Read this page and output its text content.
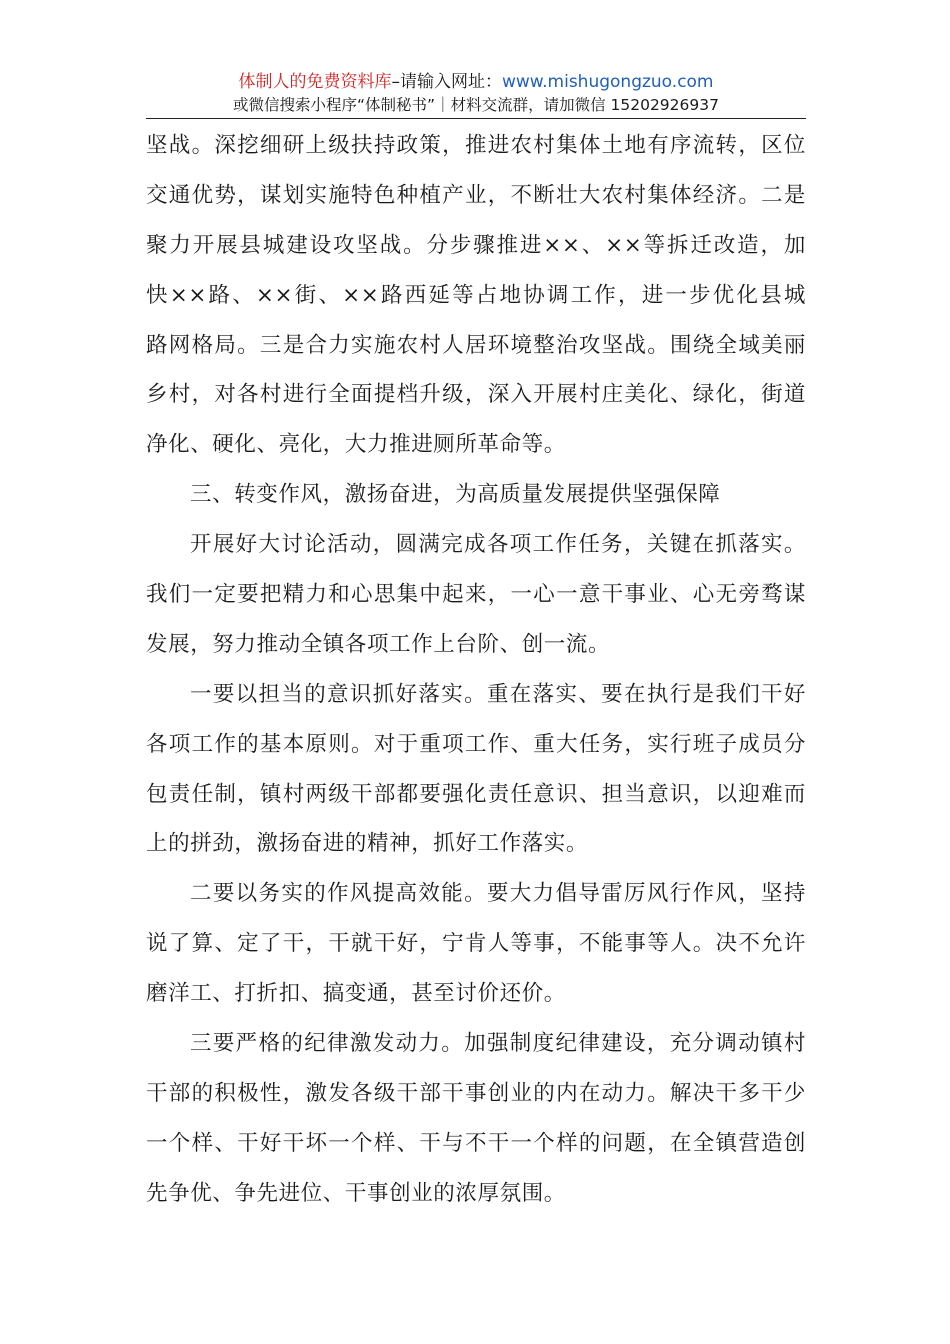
体制人的免费资料库–请输入网址：www.mishugongzuo.com
或微信搜索小程序“体制秘书”｜材料交流群，请加微信 15202926937
坚战。深挖细研上级扶持政策，推进农村集体土地有序流转，区位
交通优势，谋划实施特色种植产业，不断壮大农村集体经济。二是
聚力开展县城建设攻坚战。分步骤推进××、××等拆迁改造，加
快××路、××街、××路西延等占地协调工作，进一步优化县城
路网格局。三是合力实施农村人居环境整治攻坚战。围绕全域美丽
乡村，对各村进行全面提档升级，深入开展村庄美化、绿化，街道
净化、硬化、亮化，大力推进厕所革命等。
三、转变作风，激扬奋进，为高质量发展提供坚强保障
开展好大讨论活动，圆满完成各项工作任务，关键在抓落实。
我们一定要把精力和心思集中起来，一心一意干事业、心无旁骛谋
发展，努力推动全镇各项工作上台阶、创一流。
一要以担当的意识抓好落实。重在落实、要在执行是我们干好
各项工作的基本原则。对于重项工作、重大任务，实行班子成员分
包责任制，镇村两级干部都要强化责任意识、担当意识，以迎难而
上的拼劲，激扬奋进的精神，抓好工作落实。
二要以务实的作风提高效能。要大力倡导雷厉风行作风，坚持
说了算、定了干，干就干好，宁肯人等事，不能事等人。决不允许
磨洋工、打折扣、搞变通，甚至讨价还价。
三要严格的纪律激发动力。加强制度纪律建设，充分调动镇村
干部的积极性，激发各级干部干事创业的内在动力。解决干多干少
一个样、干好干坏一个样、干与不干一个样的问题，在全镇营造创
先争优、争先进位、干事创业的浓厚氛围。
